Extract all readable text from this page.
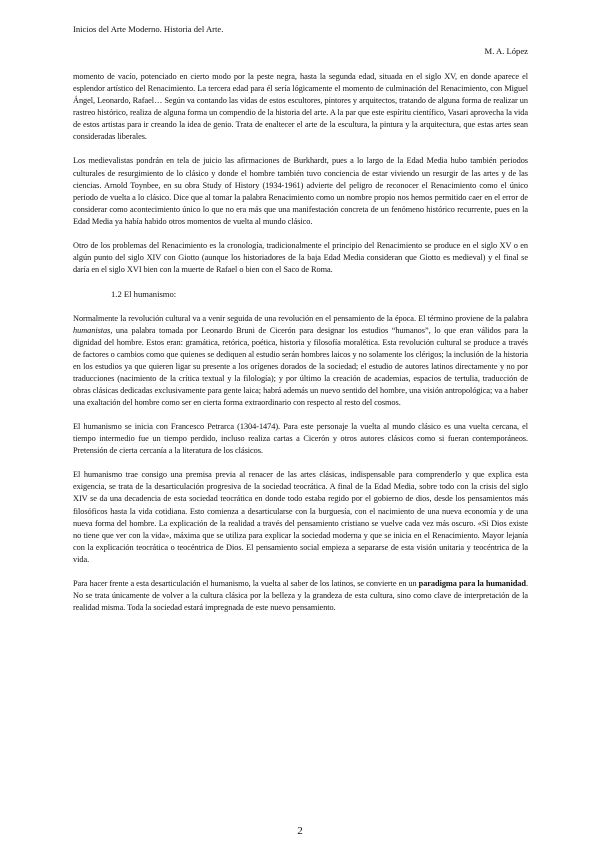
Inicios del Arte Moderno. Historia del Arte.
M. A. López

momento de vacío, potenciado en cierto modo por la peste negra, hasta la segunda edad, situada en el siglo XV, en donde aparece el esplendor artístico del Renacimiento. La tercera edad para él sería lógicamente el momento de culminación del Renacimiento, con Miguel Ángel, Leonardo, Rafael… Según va contando las vidas de estos escultores, pintores y arquitectos, tratando de alguna forma de realizar un rastreo histórico, realiza de alguna forma un compendio de la historia del arte. A la par que este espíritu científico, Vasari aprovecha la vida de estos artistas para ir creando la idea de genio. Trata de enaltecer el arte de la escultura, la pintura y la arquitectura, que estas artes sean consideradas liberales.

Los medievalistas pondrán en tela de juicio las afirmaciones de Burkhardt, pues a lo largo de la Edad Media hubo también periodos culturales de resurgimiento de lo clásico y donde el hombre también tuvo conciencia de estar viviendo un resurgir de las artes y de las ciencias. Arnold Toynbee, en su obra Study of History (1934-1961) advierte del peligro de reconocer el Renacimiento como el único periodo de vuelta a lo clásico. Dice que al tomar la palabra Renacimiento como un nombre propio nos hemos permitido caer en el error de considerar como acontecimiento único lo que no era más que una manifestación concreta de un fenómeno histórico recurrente, pues en la Edad Media ya había habido otros momentos de vuelta al mundo clásico.

Otro de los problemas del Renacimiento es la cronología, tradicionalmente el principio del Renacimiento se produce en el siglo XV o en algún punto del siglo XIV con Giotto (aunque los historiadores de la baja Edad Media consideran que Giotto es medieval) y el final se daría en el siglo XVI bien con la muerte de Rafael o bien con el Saco de Roma.

1.2 El humanismo:

Normalmente la revolución cultural va a venir seguida de una revolución en el pensamiento de la época. El término proviene de la palabra humanistas, una palabra tomada por Leonardo Bruni de Cicerón para designar los estudios “humanos”, lo que eran válidos para la dignidad del hombre. Estos eran: gramática, retórica, poética, historia y filosofía moralética. Esta revolución cultural se produce a través de factores o cambios como que quienes se dediquen al estudio serán hombres laicos y no solamente los clérigos; la inclusión de la historia en los estudios ya que quieren ligar su presente a los orígenes dorados de la sociedad; el estudio de autores latinos directamente y no por traducciones (nacimiento de la crítica textual y la filología); y por último la creación de academias, espacios de tertulia, traducción de obras clásicas dedicadas exclusivamente para gente laica; habrá además un nuevo sentido del hombre, una visión antropológica; va a haber una exaltación del hombre como ser en cierta forma extraordinario con respecto al resto del cosmos.

El humanismo se inicia con Francesco Petrarca (1304-1474). Para este personaje la vuelta al mundo clásico es una vuelta cercana, el tiempo intermedio fue un tiempo perdido, incluso realiza cartas a Cicerón y otros autores clásicos como si fueran contemporáneos. Pretensión de cierta cercanía a la literatura de los clásicos.

El humanismo trae consigo una premisa previa al renacer de las artes clásicas, indispensable para comprenderlo y que explica esta exigencia, se trata de la desarticulación progresiva de la sociedad teocrática. A final de la Edad Media, sobre todo con la crisis del siglo XIV se da una decadencia de esta sociedad teocrática en donde todo estaba regido por el gobierno de dios, desde los pensamientos más filosóficos hasta la vida cotidiana. Esto comienza a desarticularse con la burguesía, con el nacimiento de una nueva economía y de una nueva forma del hombre. La explicación de la realidad a través del pensamiento cristiano se vuelve cada vez más oscuro. «Si Dios existe no tiene que ver con la vida», máxima que se utiliza para explicar la sociedad moderna y que se inicia en el Renacimiento. Mayor lejanía con la explicación teocrática o teocéntrica de Dios. El pensamiento social empieza a separarse de esta visión unitaria y teocéntrica de la vida.

Para hacer frente a esta desarticulación el humanismo, la vuelta al saber de los latinos, se convierte en un paradigma para la humanidad. No se trata únicamente de volver a la cultura clásica por la belleza y la grandeza de esta cultura, sino como clave de interpretación de la realidad misma. Toda la sociedad estará impregnada de este nuevo pensamiento.

2
